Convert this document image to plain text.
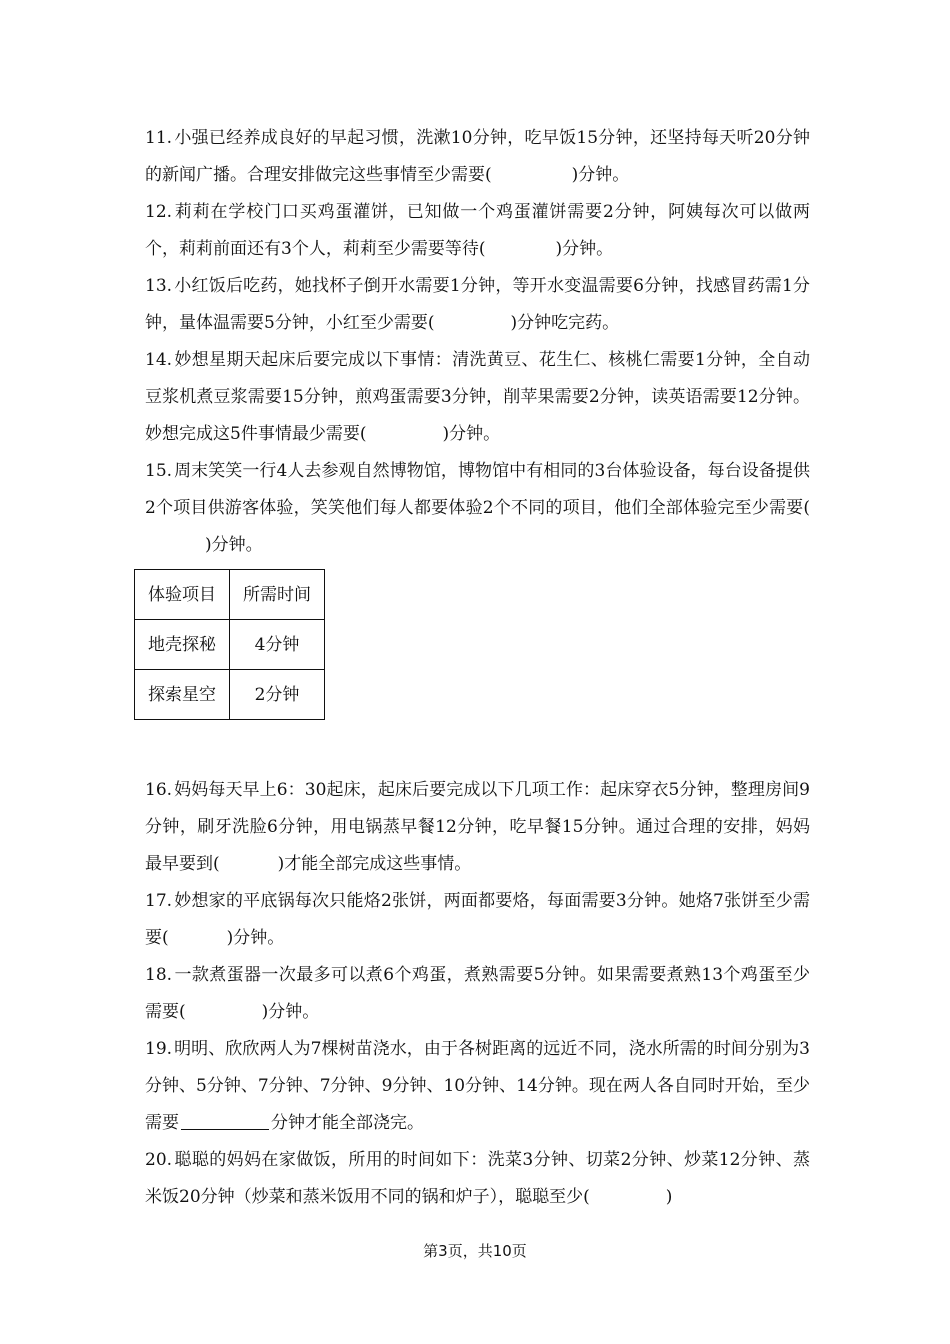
11. 小强已经养成良好的早起习惯，洗漱10分钟，吃早饭15分钟，还坚持每天听20分钟的新闻广播。合理安排做完这些事情至少需要(	)分钟。

12. 莉莉在学校门口买鸡蛋灌饼，已知做一个鸡蛋灌饼需要2分钟，阿姨每次可以做两个，莉莉前面还有3个人，莉莉至少需要等待(	)分钟。

13. 小红饭后吃药，她找杯子倒开水需要1分钟，等开水变温需要6分钟，找感冒药需1分钟，量体温需要5分钟，小红至少需要(	)分钟吃完药。

14. 妙想星期天起床后要完成以下事情：清洗黄豆、花生仁、核桃仁需要1分钟，全自动豆浆机煮豆浆需要15分钟，煎鸡蛋需要3分钟，削苹果需要2分钟，读英语需要12分钟。妙想完成这5件事情最少需要(	)分钟。

15. 周末笑笑一行4人去参观自然博物馆，博物馆中有相同的3台体验设备，每台设备提供2个项目供游客体验，笑笑他们每人都要体验2个不同的项目，他们全部体验完至少需要()分钟。

体验项目	所需时间
地壳探秘	4分钟
探索星空	2分钟

16. 妈妈每天早上6：30起床，起床后要完成以下几项工作：起床穿衣5分钟，整理房间9分钟，刷牙洗脸6分钟，用电锅蒸早餐12分钟，吃早餐15分钟。通过合理的安排，妈妈最早要到(	)才能全部完成这些事情。

17. 妙想家的平底锅每次只能烙2张饼，两面都要烙，每面需要3分钟。她烙7张饼至少需要(	)分钟。

18. 一款煮蛋器一次最多可以煮6个鸡蛋，煮熟需要5分钟。如果需要煮熟13个鸡蛋至少需要(	)分钟。

19. 明明、欣欣两人为7棵树苗浇水，由于各树距离的远近不同，浇水所需的时间分别为3分钟、5分钟、7分钟、7分钟、9分钟、10分钟、14分钟。现在两人各自同时开始，至少需要	分钟才能全部浇完。

20. 聪聪的妈妈在家做饭，所用的时间如下：洗菜3分钟、切菜2分钟、炒菜12分钟、蒸米饭20分钟（炒菜和蒸米饭用不同的锅和炉子），聪聪至少(	)

第3页，共10页
